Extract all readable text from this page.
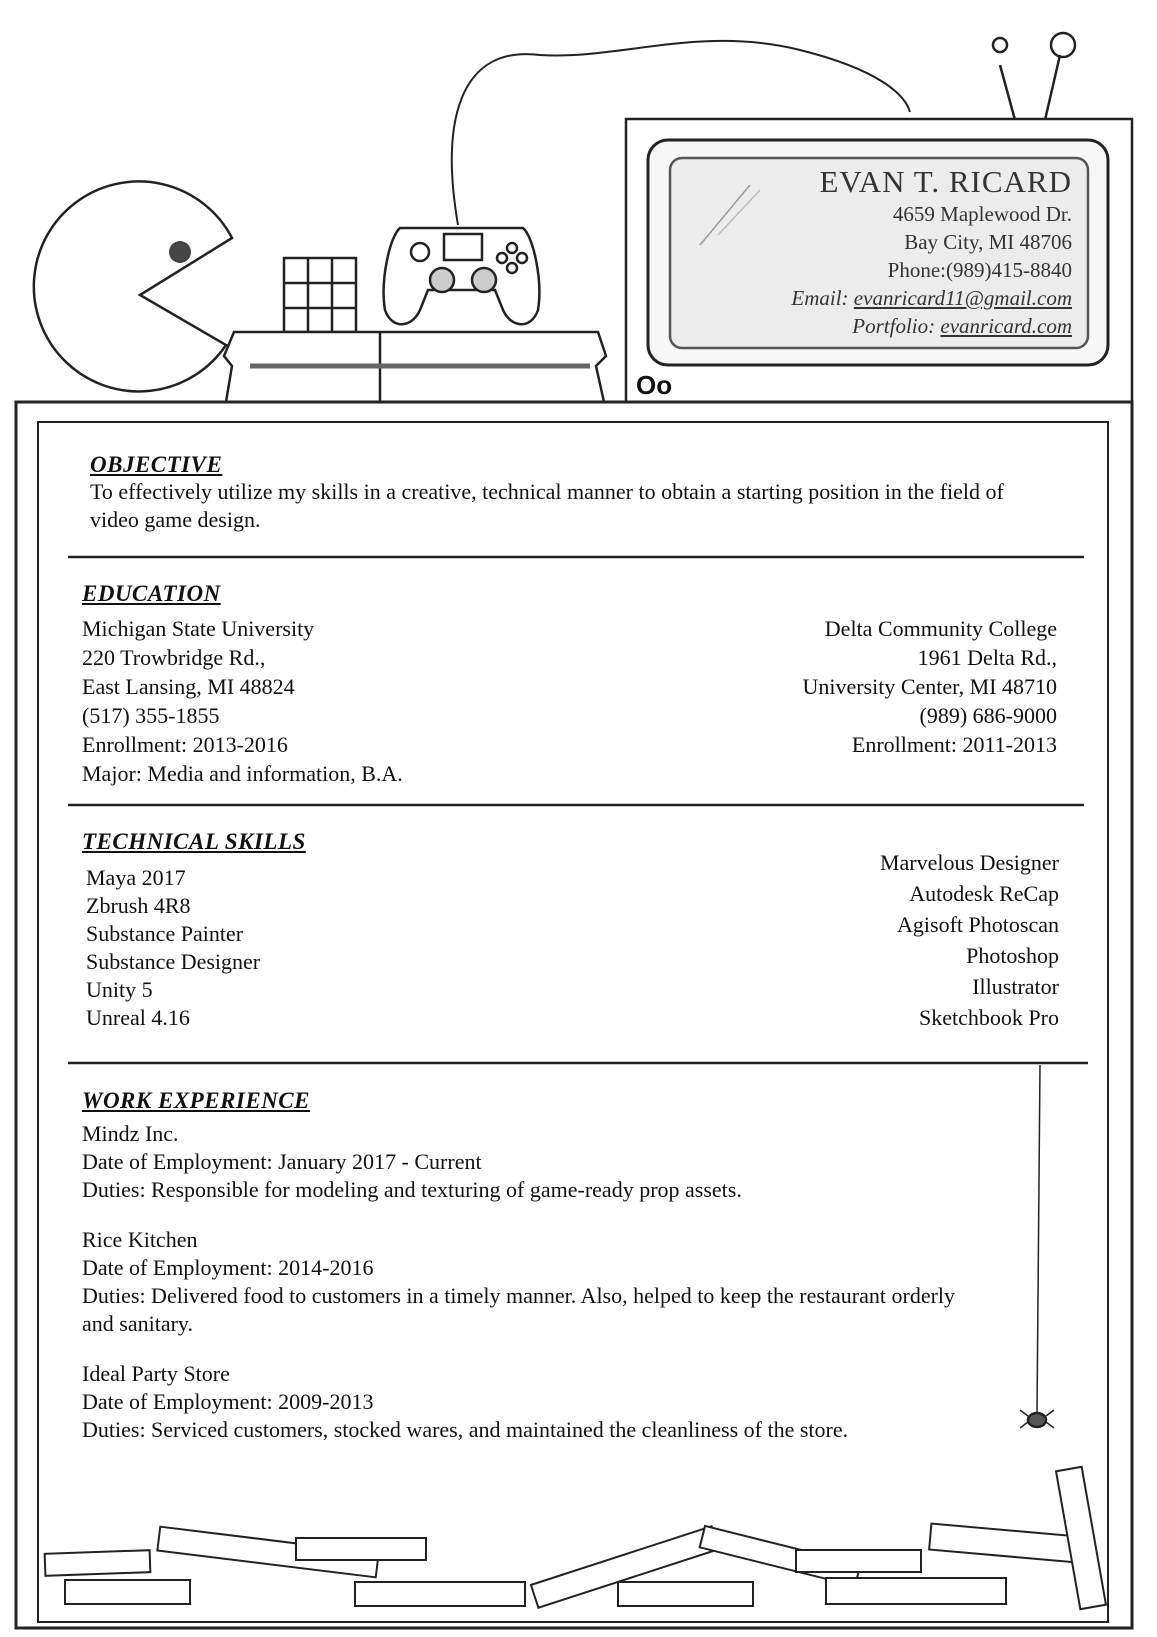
Oo
EVAN T. RICARD
4659 Maplewood Dr.
Bay City, MI 48706
Phone:(989)415-8840
Email: evanricard11@gmail.com
Portfolio: evanricard.com
OBJECTIVE
To effectively utilize my skills in a creative, technical manner to obtain a starting position in the field of video game design.
EDUCATION
Michigan State University
220 Trowbridge Rd.,
East Lansing, MI 48824
(517) 355-1855
Enrollment: 2013-2016
Major: Media and information, B.A.
Delta Community College
1961 Delta Rd.,
University Center, MI 48710
(989) 686-9000
Enrollment: 2011-2013
TECHNICAL SKILLS
Maya 2017
Zbrush 4R8
Substance Painter
Substance Designer
Unity 5
Unreal 4.16
Marvelous Designer
Autodesk ReCap
Agisoft Photoscan
Photoshop
Illustrator
Sketchbook Pro
WORK EXPERIENCE
Mindz Inc.
Date of Employment: January 2017 - Current
Duties: Responsible for modeling and texturing of game-ready prop assets.
Rice Kitchen
Date of Employment: 2014-2016
Duties: Delivered food to customers in a timely manner. Also, helped to keep the restaurant orderly and sanitary.
Ideal Party Store
Date of Employment: 2009-2013
Duties: Serviced customers, stocked wares, and maintained the cleanliness of the store.
